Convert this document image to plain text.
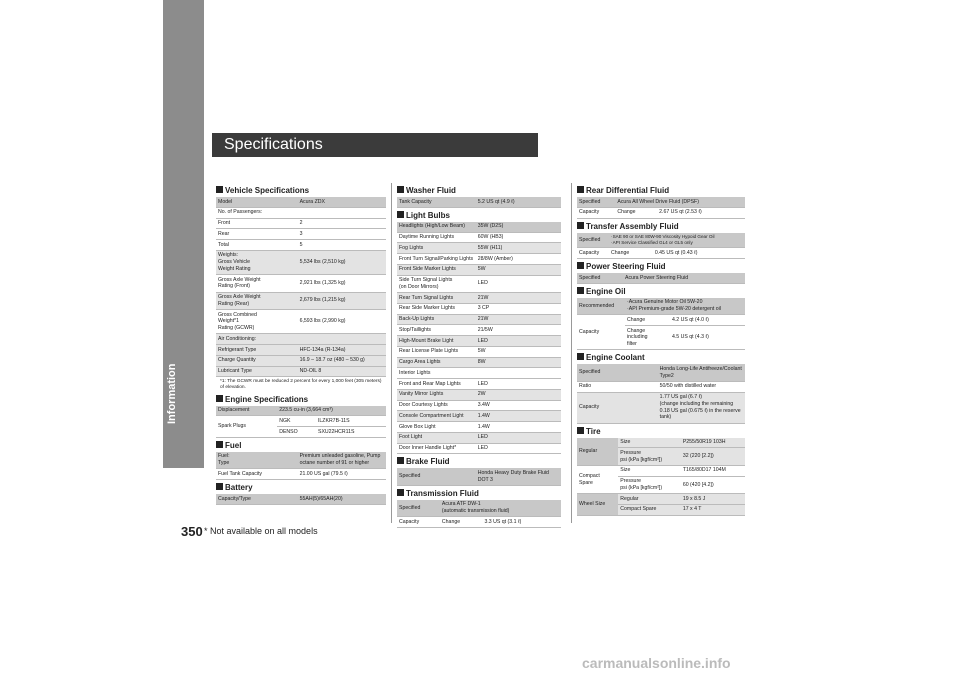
Information
Specifications
Vehicle Specifications
Model	Acura ZDX
No. of Passengers:	
Front	2
Rear	3
Total	5
Weights:
Gross Vehicle
Weight Rating	5,534 lbs (2,510 kg)
Gross Axle Weight
Rating (Front)	2,921 lbs (1,325 kg)
Gross Axle Weight
Rating (Rear)	2,679 lbs (1,215 kg)
Gross Combined
Weight*1
Rating (GCWR)	6,593 lbs (2,990 kg)
Air Conditioning:	
Refrigerant Type	HFC-134a (R-134a)
Charge Quantity	16.9 – 18.7 oz (480 – 530 g)
Lubricant Type	ND-OIL 8
*1: The GCWR must be reduced 2 percent for every 1,000 feet (305 meters) of elevation.
Engine Specifications
Displacement	223.5 cu-in (3,664 cm³)	
Spark Plugs	NGK	ILZKR7B-11S
	DENSO	SXU22HCR11S
Fuel
Fuel:
Type	Premium unleaded gasoline, Pump octane number of 91 or higher
Fuel Tank Capacity	21.00 US gal (79.5 ℓ)
Battery
Capacity/Type	55AH(5)/65AH(20)
Washer Fluid
Tank Capacity	5.2 US qt (4.9 ℓ)
Light Bulbs
Headlights (High/Low Beam)	35W (D2S)
Daytime Running Lights	60W (HB3)
Fog Lights	55W (H11)
Front Turn Signal/Parking Lights	28/8W (Amber)
Front Side Marker Lights	5W
Side Turn Signal Lights
(on Door Mirrors)	LED
Rear Turn Signal Lights	21W
Rear Side Marker Lights	3 CP
Back-Up Lights	21W
Stop/Taillights	21/5W
High-Mount Brake Light	LED
Rear License Plate Lights	5W
Cargo Area Lights	8W
Interior Lights	
Front and Rear Map Lights	LED
Vanity Mirror Lights	2W
Door Courtesy Lights	3.4W
Console Compartment Light	1.4W
Glove Box Light	1.4W
Foot Light	LED
Door Inner Handle Light*	LED
Brake Fluid
Specified	Honda Heavy Duty Brake Fluid DOT 3
Transmission Fluid
Specified	Acura ATF DW-1
(automatic transmission fluid)	
Capacity	Change	3.3 US qt (3.1 ℓ)
Rear Differential Fluid
Specified	Acura All Wheel Drive Fluid (DPSF)	
Capacity	Change	2.67 US qt (2.53 ℓ)
Transfer Assembly Fluid
Specified	·SAE 90 or SAE 80W-90 Viscosity Hypoid Gear Oil
·API Service Classified GL4 or GL5 only	
Capacity	Change	0.45 US qt (0.43 ℓ)
Power Steering Fluid
Specified	Acura Power Steering Fluid
Engine Oil
Recommended	·Acura Genuine Motor Oil 5W-20
·API Premium-grade 5W-20 detergent oil	
Capacity	Change	4.2 US qt (4.0 ℓ)
	Change
including
filter	4.5 US qt (4.3 ℓ)
Engine Coolant
Specified	Honda Long-Life Antifreeze/Coolant Type2
Ratio	50/50 with distilled water
Capacity	1.77 US gal (6.7 ℓ)
(change including the remaining
0.18 US gal (0.675 ℓ) in the reserve tank)
Tire
Regular	Size	P255/50R19 103H
	Pressure
psi (kPa [kgf/cm²])	32 (220 [2.2])
Compact
Spare	Size	T165/80D17 104M
	Pressure
psi (kPa [kgf/cm²])	60 (420 [4.2])
Wheel Size	Regular	19 x 8.5 J
	Compact Spare	17 x 4 T
350 * Not available on all models
carmanualsonline.info
